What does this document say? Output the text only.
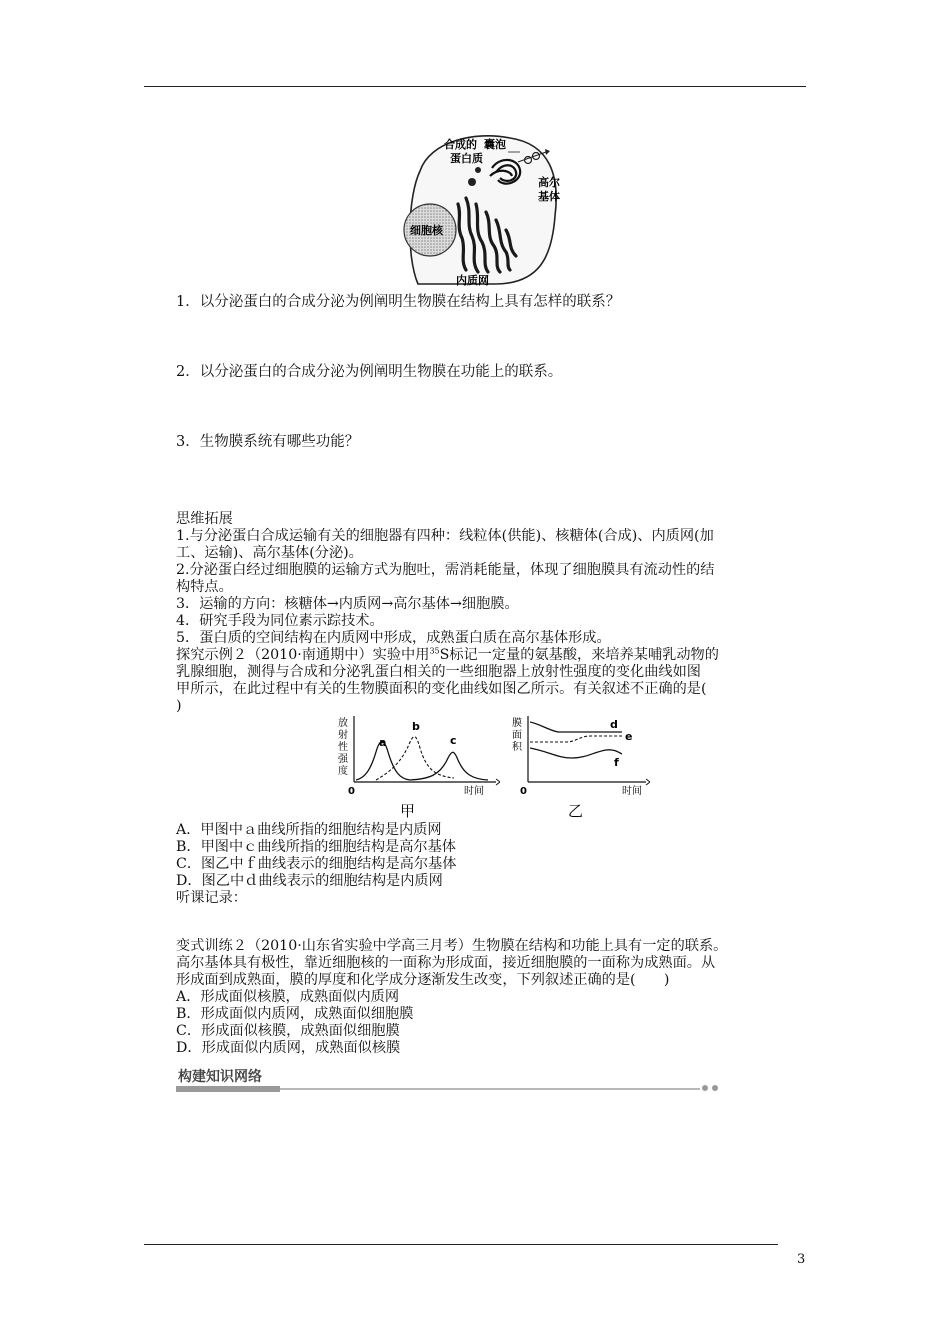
合成的
蛋白质
囊泡
高尔
基体
细胞核
内质网
1．以分泌蛋白的合成分泌为例阐明生物膜在结构上具有怎样的联系？
2．以分泌蛋白的合成分泌为例阐明生物膜在功能上的联系。
3．生物膜系统有哪些功能？
思维拓展
1.与分泌蛋白合成运输有关的细胞器有四种：线粒体(供能)、核糖体(合成)、内质网(加
工、运输)、高尔基体(分泌)。
2.分泌蛋白经过细胞膜的运输方式为胞吐，需消耗能量，体现了细胞膜具有流动性的结
构特点。
3．运输的方向：核糖体→内质网→高尔基体→细胞膜。
4．研究手段为同位素示踪技术。
5．蛋白质的空间结构在内质网中形成，成熟蛋白质在高尔基体形成。
探究示例２（2010·南通期中）实验中用$^{35}$S标记一定量的氨基酸，来培养某哺乳动物的
乳腺细胞，测得与合成和分泌乳蛋白相关的一些细胞器上放射性强度的变化曲线如图
甲所示，在此过程中有关的生物膜面积的变化曲线如图乙所示。有关叙述不正确的是(
)
放
射
性
强
度
0	时间
a
b
c
甲
膜
面
积
0	时间
d
e
f
乙
A．甲图中ａ曲线所指的细胞结构是内质网
B．甲图中ｃ曲线所指的细胞结构是高尔基体
C．图乙中ｆ曲线表示的细胞结构是高尔基体
D．图乙中ｄ曲线表示的细胞结构是内质网
听课记录：
变式训练２（2010·山东省实验中学高三月考）生物膜在结构和功能上具有一定的联系。
高尔基体具有极性，靠近细胞核的一面称为形成面，接近细胞膜的一面称为成熟面。从
形成面到成熟面，膜的厚度和化学成分逐渐发生改变，下列叙述正确的是(　　)
A．形成面似核膜，成熟面似内质网
B．形成面似内质网，成熟面似细胞膜
C．形成面似核膜，成熟面似细胞膜
D．形成面似内质网，成熟面似核膜
构建知识网络
3
